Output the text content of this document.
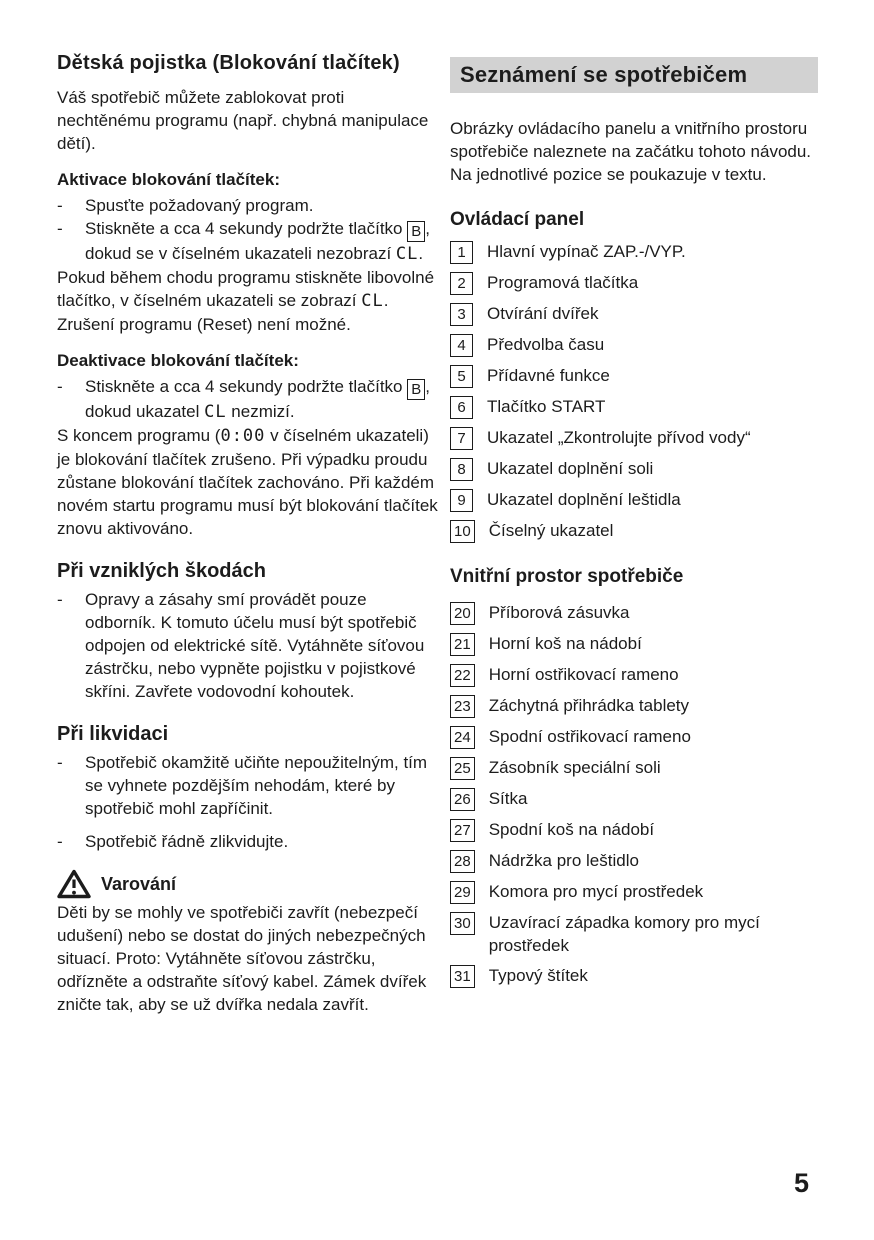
Dětská pojistka (Blokování tlačítek)

Váš spotřebič můžete zablokovat proti nechtěnému programu (např. chybná manipulace dětí).

Aktivace blokování tlačítek:
-	Spusťte požadovaný program.
-	Stiskněte a cca 4 sekundy podržte tlačítko B , dokud se v číselném ukazateli nezobrazí CL.

Pokud během chodu programu stiskněte libovolné tlačítko, v číselném ukazateli se zobrazí CL. Zrušení programu (Reset) není možné.

Deaktivace blokování tlačítek:
-	Stiskněte a cca 4 sekundy podržte tlačítko B , dokud ukazatel CL nezmizí.

S koncem programu (0:00 v číselném ukazateli) je blokování tlačítek zrušeno. Při výpadku proudu zůstane blokování tlačítek zachováno. Při každém novém startu programu musí být blokování tlačítek znovu aktivováno.

Při vzniklých škodách
-	Opravy a zásahy smí provádět pouze odborník. K tomuto účelu musí být spotřebič odpojen od elektrické sítě. Vytáhněte síťovou zástrčku, nebo vypněte pojistku v pojistkové skříni. Zavřete vodovodní kohoutek.
Při likvidaci
-	Spotřebič okamžitě učiňte nepoužitelným, tím se vyhnete pozdějším nehodám, které by spotřebič mohl zapříčinit.
-	Spotřebič řádně zlikvidujte.
Varování

Děti by se mohly ve spotřebiči zavřít (nebezpečí udušení) nebo se dostat do jiných nebezpečných situací. Proto: Vytáhněte síťovou zástrčku, odřízněte a odstraňte síťový kabel. Zámek dvířek zničte tak, aby se už dvířka nedala zavřít.

Seznámení se spotřebičem

Obrázky ovládacího panelu a vnitřního prostoru spotřebiče naleznete na začátku tohoto návodu.

Na jednotlivé pozice se poukazuje v textu.

Ovládací panel
1	Hlavní vypínač ZAP.-/VYP.
2	Programová tlačítka
3	Otvírání dvířek
4	Předvolba času
5	Přídavné funkce
6	Tlačítko START
7	Ukazatel „Zkontrolujte přívod vody“
8	Ukazatel doplnění soli
9	Ukazatel doplnění leštidla
10 Číselný ukazatel
Vnitřní prostor spotřebiče
20 Příborová zásuvka
21 Horní koš na nádobí
22 Horní ostřikovací rameno
23 Záchytná přihrádka tablety
24 Spodní ostřikovací rameno
25 Zásobník speciální soli
26 Sítka
27 Spodní koš na nádobí
28 Nádržka pro leštidlo
29 Komora pro mycí prostředek
30 Uzavírací západka komory pro mycí prostředek
31 Typový štítek
5
